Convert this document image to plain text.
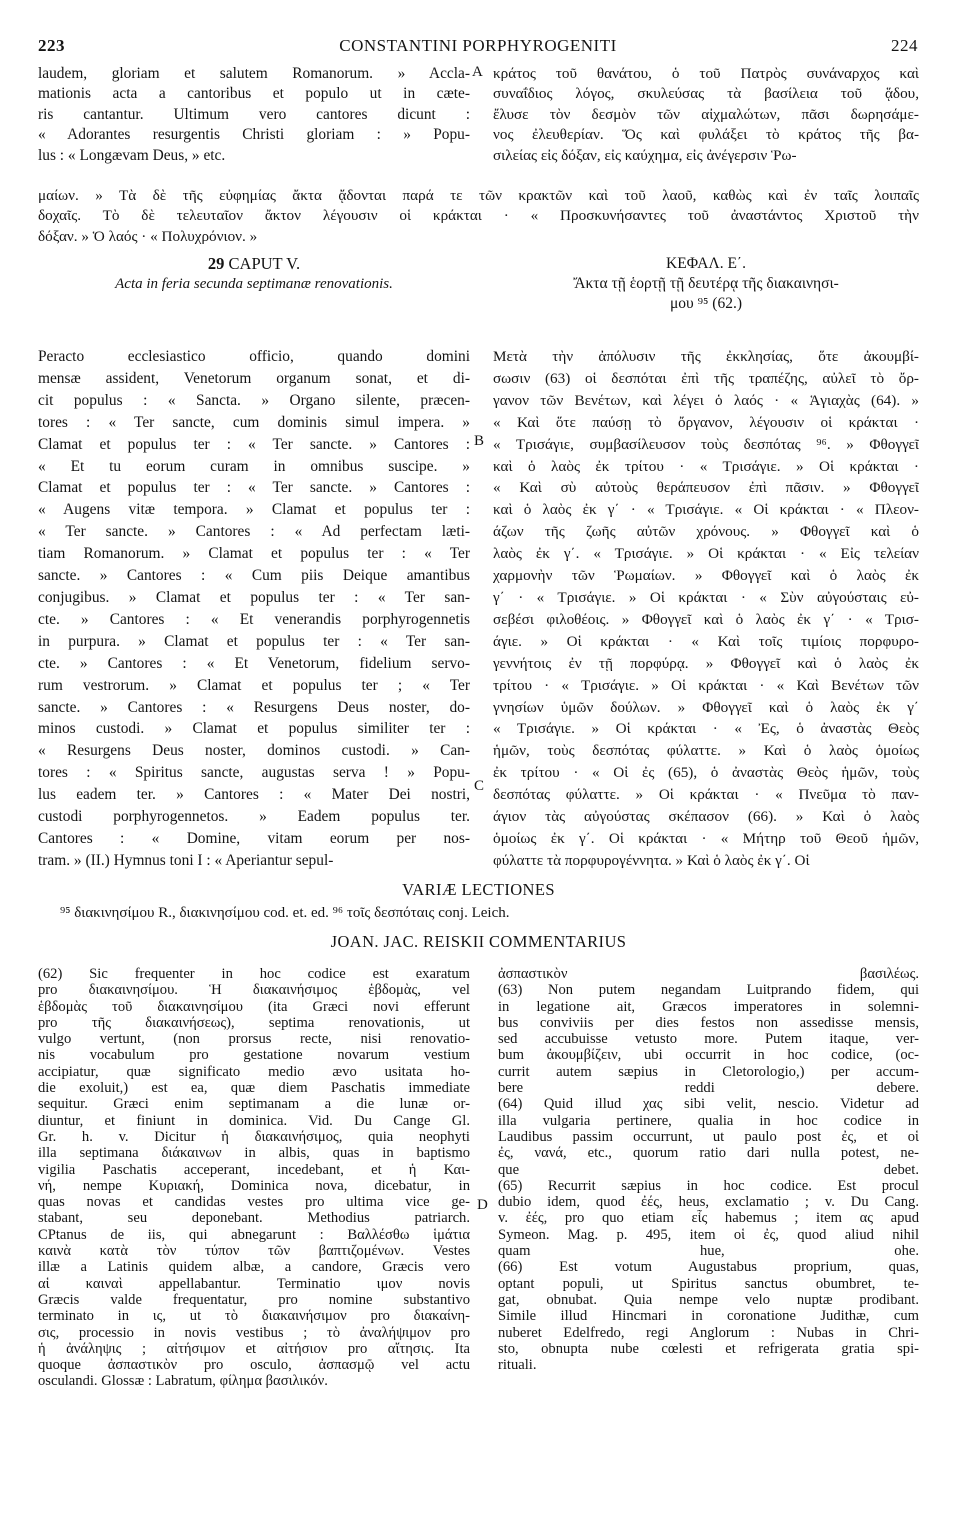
223	CONSTANTINI PORPHYROGENITI	224
laudem, gloriam et salutem Romanorum. » Accla-
mationis acta a cantoribus et populo ut in cæte-
ris cantantur. Ultimum vero cantores dicunt :
« Adorantes resurgentis Christi gloriam : » Popu-
lus : « Longævam Deus, » etc.
κράτος τοῦ θανάτου, ὁ τοῦ Πατρὸς συνάναρχος καὶ
συναΐδιος λόγος, σκυλεύσας τὰ βασίλεια τοῦ ᾅδου,
ἔλυσε τὸν δεσμὸν τῶν αἰχμαλώτων, πᾶσι δωρησάμε-
νος ἐλευθερίαν. Ὅς καὶ φυλάξει τὸ κράτος τῆς βα-
σιλείας εἰς δόξαν, εἰς καύχημα, εἰς ἀνέγερσιν Ῥω-
A
μαίων. » Τὰ δὲ τῆς εὐφημίας ἄκτα ᾄδονται παρά τε τῶν κρακτῶν καὶ τοῦ λαοῦ, καθὼς καὶ ἐν ταῖς λοιπαῖς
δοχαῖς. Τὸ δὲ τελευταῖον ἄκτον λέγουσιν οἱ κράκται · « Προσκυνήσαντες τοῦ ἀναστάντος Χριστοῦ τὴν
δόξαν. » Ὁ λαός · « Πολυχρόνιον. »
29 CAPUT V.
Acta in feria secunda septimanæ renovationis.
ΚΕΦΑΛ. Ε΄.
Ἄκτα τῇ ἑορτῇ τῇ δευτέρᾳ τῆς διακαινησι-
μου ⁹⁵ (62.)
Peracto ecclesiastico officio, quando domini
mensæ assident, Venetorum organum sonat, et di-
cit populus : « Sancta. » Organo silente, præcen-
tores : « Ter sancte, cum dominis simul impera. »
Clamat et populus ter : « Ter sancte. » Cantores :
« Et tu eorum curam in omnibus suscipe. »
Clamat et populus ter : « Ter sancte. » Cantores :
« Augens vitæ tempora. » Clamat et populus ter :
« Ter sancte. » Cantores : « Ad perfectam læti-
tiam Romanorum. » Clamat et populus ter : « Ter
sancte. » Cantores : « Cum piis Deique amantibus
conjugibus. » Clamat et populus ter : « Ter san-
cte. » Cantores : « Et venerandis porphyrogennetis
in purpura. » Clamat et populus ter : « Ter san-
cte. » Cantores : « Et Venetorum, fidelium servo-
rum vestrorum. » Clamat et populus ter ; « Ter
sancte. » Cantores : « Resurgens Deus noster, do-
minos custodi. » Clamat et populus similiter ter :
« Resurgens Deus noster, dominos custodi. » Can-
tores : « Spiritus sancte, augustas serva ! » Popu-
lus eadem ter. » Cantores : « Mater Dei nostri,
custodi porphyrogennetos. » Eadem populus ter.
Cantores : « Domine, vitam eorum per nos-
tram. » (II.) Hymnus toni I : « Aperiantur sepul-
Μετὰ τὴν ἀπόλυσιν τῆς ἐκκλησίας, ὅτε ἀκουμβί-
σωσιν (63) οἱ δεσπόται ἐπὶ τῆς τραπέζης, αὐλεῖ τὸ ὄρ-
γανον τῶν Βενέτων, καὶ λέγει ὁ λαός · « Ἁγιαχὰς (64). »
« Καὶ ὅτε παύσῃ τὸ ὄργανον, λέγουσιν οἱ κράκται ·
« Τρισάγιε, συμβασίλευσον τοὺς δεσπότας ⁹⁶. » Φθογγεῖ
καὶ ὁ λαὸς ἐκ τρίτου · « Τρισάγιε. » Οἱ κράκται ·
« Καὶ σὺ αὐτοὺς θεράπευσον ἐπὶ πᾶσιν. » Φθογγεῖ
καὶ ὁ λαὸς ἐκ γ΄ · « Τρισάγιε. « Οἱ κράκται · « Πλεον-
άζων τῆς ζωῆς αὐτῶν χρόνους. » Φθογγεῖ καὶ ὁ
λαὸς ἐκ γ΄. « Τρισάγιε. » Οἱ κράκται · « Εἰς τελείαν
χαρμονὴν τῶν Ῥωμαίων. » Φθογγεῖ καὶ ὁ λαὸς ἐκ
γ΄ · « Τρισάγιε. » Οἱ κράκται · « Σὺν αὐγούσταις εὐ-
σεβέσι φιλοθέοις. » Φθογγεῖ καὶ ὁ λαὸς ἐκ γ΄ · « Τρισ-
άγιε. » Οἱ κράκται · « Καὶ τοῖς τιμίοις πορφυρο-
γεννήτοις ἐν τῇ πορφύρᾳ. » Φθογγεῖ καὶ ὁ λαὸς ἐκ
τρίτου · « Τρισάγιε. » Οἱ κράκται · « Καὶ Βενέτων τῶν
γνησίων ὑμῶν δούλων. » Φθογγεῖ καὶ ὁ λαὸς ἐκ γ΄
« Τρισάγιε. » Οἱ κράκται · « Ἐς, ὁ ἀναστὰς Θεὸς
ἡμῶν, τοὺς δεσπότας φύλαττε. » Καὶ ὁ λαὸς ὁμοίως
ἐκ τρίτου · « Οἱ ἐς (65), ὁ ἀναστὰς Θεὸς ἡμῶν, τοὺς
δεσπότας φύλαττε. » Οἱ κράκται · « Πνεῦμα τὸ παν-
άγιον τὰς αὐγούστας σκέπασον (66). » Καὶ ὁ λαὸς
ὁμοίως ἐκ γ΄. Οἱ κράκται · « Μήτηρ τοῦ Θεοῦ ἡμῶν,
φύλαττε τὰ πορφυρογέννητα. » Καὶ ὁ λαὸς ἐκ γ΄. Οἱ
B
C
VARIÆ LECTIONES
⁹⁵ διακινησίμου R., διακινησίμου cod. et. ed. ⁹⁶ τοῖς δεσπόταις conj. Leich.
JOAN. JAC. REISKII COMMENTARIUS
(62) Sic frequenter in hoc codice est exaratum
pro διακαινησίμου. Ἡ διακαινήσιμος ἑβδομὰς, vel
ἑβδομὰς τοῦ διακαινησίμου (ita Græci novi efferunt
pro τῆς διακαινήσεως), septima renovationis, ut
vulgo vertunt, (non prorsus recte, nisi renovatio-
nis vocabulum pro gestatione novarum vestium
accipiatur, quæ significato medio ævo usitata ho-
die exoluit,) est ea, quæ diem Paschatis immediate
sequitur. Græci enim septimanam a die lunæ or-
diuntur, et finiunt in dominica. Vid. Du Cange Gl.
Gr. h. v. Dicitur ἡ διακαινήσιμος, quia neophyti
illa septimana διάκαινων in albis, quas in baptismo
vigilia Paschatis acceperant, incedebant, et ἡ Και-
νή, nempe Κυριακή, Dominica nova, dicebatur, in
quas novas et candidas vestes pro ultima vice ge-
stabant, seu deponebant. Methodius patriarch.
CPtanus de iis, qui abnegarunt : Βαλλέσθω ἱμάτια
καινὰ κατὰ τὸν τύπον τῶν βαπτιζομένων. Vestes
illæ a Latinis quidem albæ, a candore, Græcis vero
αἱ καιναὶ appellabantur. Terminatio ιμον novis
Græcis valde frequentatur, pro nomine substantivo
terminato in ις, ut τὸ διακαινήσιμον pro διακαίνη-
σις, processio in novis vestibus ; τὸ ἀναλήψιμον pro
ἡ ἀνάληψις ; αἰτήσιμον et αἰτήσιον pro αἴτησις. Ita
quoque ἀσπαστικὸν pro osculo, ἀσπασμῷ vel actu
osculandi. Glossæ : Labratum, φίλημα βασιλικόν.
ἀσπαστικὸν βασιλέως.
(63) Non putem negandam Luitprando fidem, qui
in legatione ait, Græcos imperatores in solemni-
bus conviviis per dies festos non assedisse mensis,
sed accubuisse vetusto more. Putem itaque, ver-
bum ἀκουμβίζειν, ubi occurrit in hoc codice, (oc-
currit autem sæpius in Cletorologio,) per accum-
bere reddi debere.
(64) Quid illud χας sibi velit, nescio. Videtur ad
illa vulgaria pertinere, qualia in hoc codice in
Laudibus passim occurrunt, ut paulo post ἐς, et οἱ
ἐς, νανά, etc., quorum ratio dari nulla potest, ne-
que debet.
(65) Recurrit sæpius in hoc codice. Est procul
dubio idem, quod ἐές, heus, exclamatio ; v. Du Cang.
v. ἐές, pro quo etiam εἷς habemus ; item ας apud
Symeon. Mag. p. 495, item οἱ ἐς, quod aliud nihil
quam hue, ohe.
(66) Est votum Augustabus proprium, quas,
optant populi, ut Spiritus sanctus obumbret, te-
gat, obnubat. Quia nempe velo nuptæ prodibant.
Simile illud Hincmari in coronatione Judithæ, cum
nuberet Edelfredo, regi Anglorum : Nubas in Chri-
sto, obnupta nube cœlesti et refrigerata gratia spi-
rituali.
D
